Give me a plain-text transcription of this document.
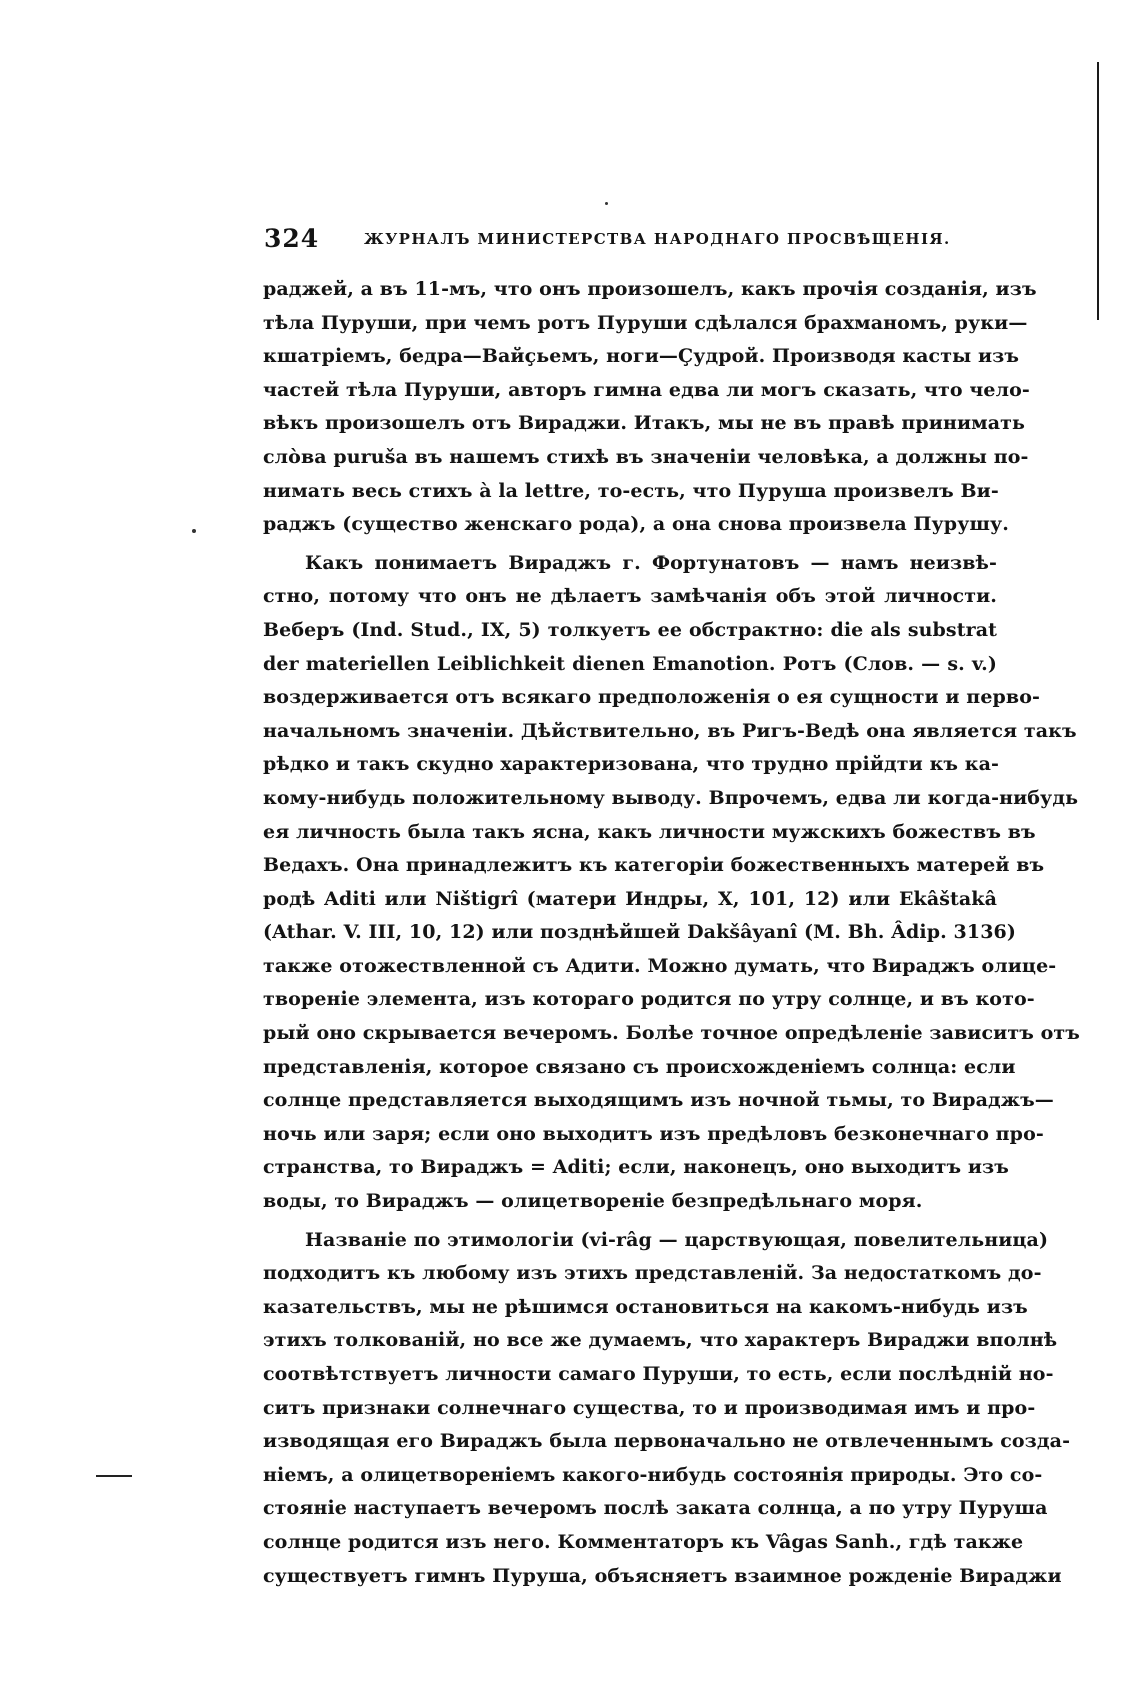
324	ЖУРНАЛЪ МИНИСТЕРСТВА НАРОДНАГО ПРОСВѢЩЕНІЯ.
раджей, а въ 11-мъ, что онъ произошелъ, какъ прочія созданія, изъ
тѣла Пуруши, при чемъ ротъ Пуруши сдѣлался брахманомъ, руки—
кшатріемъ, бедра—Вайçьемъ, ноги—Çудрой. Производя касты изъ
частей тѣла Пуруши, авторъ гимна едва ли могъ сказать, что чело-
вѣкъ произошелъ отъ Вираджи. Итакъ, мы не въ правѣ принимать
слòва puruša въ нашемъ стихѣ въ значеніи человѣка, а должны по-
нимать весь стихъ à la lettre, то-есть, что Пуруша произвелъ Ви-
раджъ (существо женскаго рода), а она снова произвела Пурушу.
Какъ понимаетъ Вираджъ г. Фортунатовъ — намъ неизвѣ-
стно, потому что онъ не дѣлаетъ замѣчанія объ этой личности.
Веберъ (Ind. Stud., IX, 5) толкуетъ ее обстрактно: die als substrat
der materiellen Leiblichkeit dienen Emanotion. Ротъ (Слов. — s. v.)
воздерживается отъ всякаго предположенія о ея сущности и перво-
начальномъ значеніи. Дѣйствительно, въ Ригъ-Ведѣ она является такъ
рѣдко и такъ скудно характеризована, что трудно прійдти къ ка-
кому-нибудь положительному выводу. Впрочемъ, едва ли когда-нибудь
ея личность была такъ ясна, какъ личности мужскихъ божествъ въ
Ведахъ. Она принадлежитъ къ категоріи божественныхъ матерей въ
родѣ Aditi или Ništigrî (матери Индры, X, 101, 12) или Ekâštakâ
(Athar. V. III, 10, 12) или позднѣйшей Dakšâyanî (M. Bh. Âdip. 3136)
также отожествленной съ Адити. Можно думать, что Вираджъ олице-
твореніе элемента, изъ котораго родится по утру солнце, и въ кото-
рый оно скрывается вечеромъ. Болѣе точное опредѣленіе зависитъ отъ
представленія, которое связано съ происхожденіемъ солнца: если
солнце представляется выходящимъ изъ ночной тьмы, то Вираджъ—
ночь или заря; если оно выходитъ изъ предѣловъ безконечнаго про-
странства, то Вираджъ = Aditi; если, наконецъ, оно выходитъ изъ
воды, то Вираджъ — олицетвореніе безпредѣльнаго моря.
Названіе по этимологіи (vi-râg — царствующая, повелительница)
подходитъ къ любому изъ этихъ представленій. За недостаткомъ до-
казательствъ, мы не рѣшимся остановиться на какомъ-нибудь изъ
этихъ толкованій, но все же думаемъ, что характеръ Вираджи вполнѣ
соотвѣтствуетъ личности самаго Пуруши, то есть, если послѣдній но-
ситъ признаки солнечнаго существа, то и производимая имъ и про-
изводящая его Вираджъ была первоначально не отвлеченнымъ созда-
ніемъ, а олицетвореніемъ какого-нибудь состоянія природы. Это со-
стояніе наступаетъ вечеромъ послѣ заката солнца, а по утру Пуруша
солнце родится изъ него. Комментаторъ къ Vâgas Sanh., гдѣ также
существуетъ гимнъ Пуруша, объясняетъ взаимное рожденіе Вираджи
